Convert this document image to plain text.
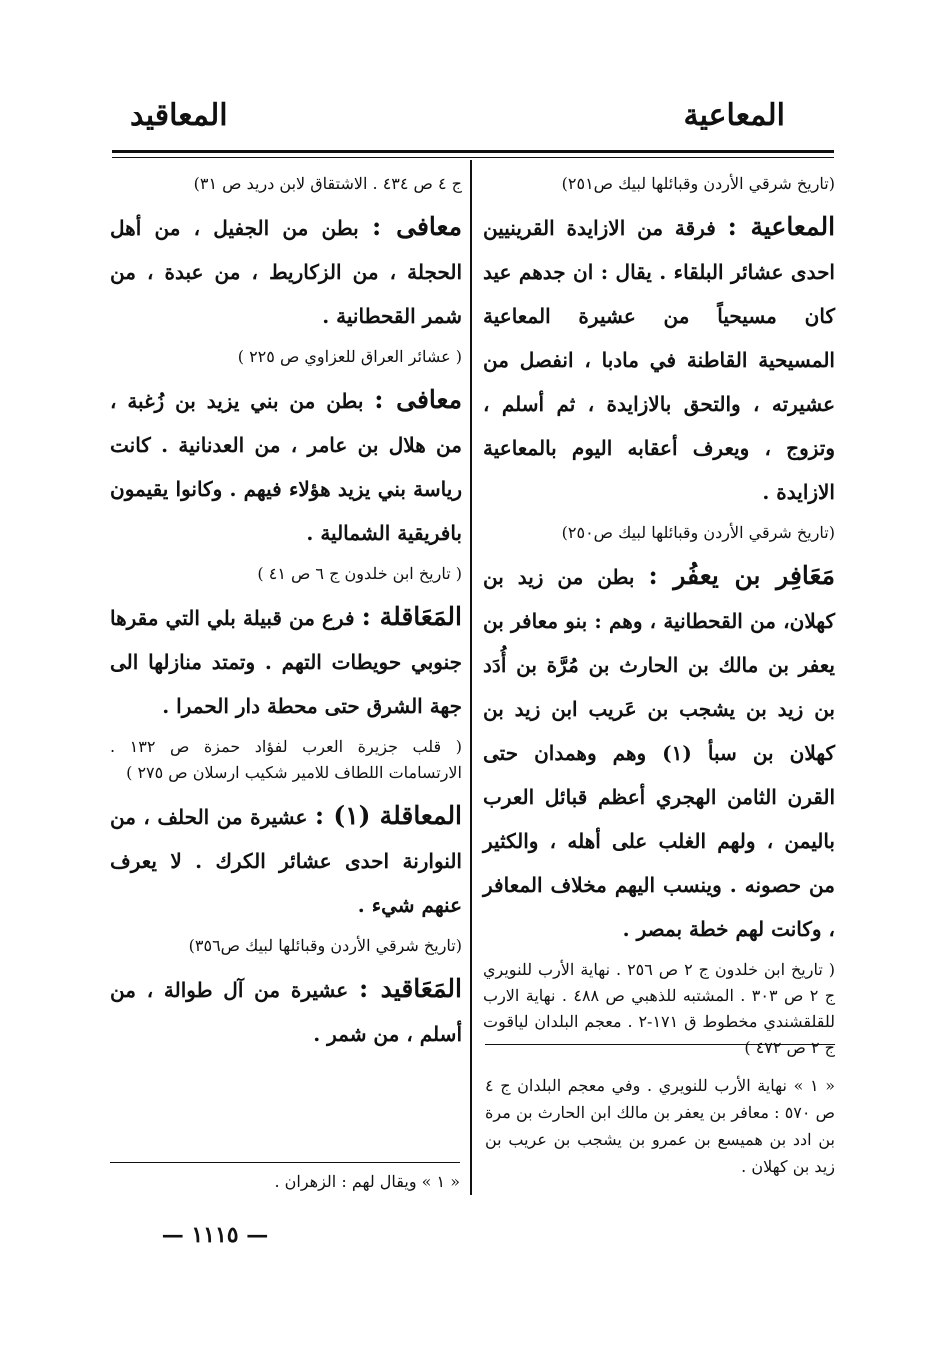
المعاعية
المعاقيد

(تاريخ شرقي الأردن وقبائلها لبيك ص٢٥١)

المعاعية : فرقة من الازايدة القرينيين احدى عشائر البلقاء . يقال : ان جدهم عيد كان مسيحياً من عشيرة المعاعية المسيحية القاطنة في مادبا ، انفصل من عشيرته ، والتحق بالازايدة ، ثم أسلم ، وتزوج ، ويعرف أعقابه اليوم بالمعاعية الازايدة .

(تاريخ شرقي الأردن وقبائلها لبيك ص٢٥٠)

مَعَافِر بن يعفُر : بطن من زيد بن كهلان، من القحطانية ، وهم : بنو معافر بن يعفر بن مالك بن الحارث بن مُرَّة بن أُدَد بن زيد بن يشجب بن عَريب ابن زيد بن كهلان بن سبأ (١) وهم وهمدان حتى القرن الثامن الهجري أعظم قبائل العرب باليمن ، ولهم الغلب على أهله ، والكثير من حصونه . وينسب اليهم مخلاف المعافر ، وكانت لهم خطة بمصر .

( تاريخ ابن خلدون ج ٢ ص ٢٥٦ . نهاية الأرب للنويري ج ٢ ص ٣٠٣ . المشتبه للذهبي ص ٤٨٨ . نهاية الارب للقلقشندي مخطوط ق ١٧١-٢ . معجم البلدان لياقوت ج ٢ ص ٤٧٢ )

ج ٤ ص ٤٣٤ . الاشتقاق لابن دريد ص ٣١)

معافى : بطن من الجفيل ، من أهل الحجلة ، من الزكاريط ، من عبدة ، من شمر القحطانية .

( عشائر العراق للعزاوي ص ٢٢٥ )

معافى : بطن من بني يزيد بن زُغبة ، من هلال بن عامر ، من العدنانية . كانت رياسة بني يزيد هؤلاء فيهم . وكانوا يقيمون بافريقية الشمالية .

( تاريخ ابن خلدون ج ٦ ص ٤١ )

المَعَاقلة : فرع من قبيلة بلي التي مقرها جنوبي حويطات التهم . وتمتد منازلها الى جهة الشرق حتى محطة دار الحمرا .

( قلب جزيرة العرب لفؤاد حمزة ص ١٣٢ . الارتسامات اللطاف للامير شكيب ارسلان ص ٢٧٥ )

المعاقلة (١) : عشيرة من الحلف ، من النوارنة احدى عشائر الكرك . لا يعرف عنهم شيء .

(تاريخ شرقي الأردن وقبائلها لبيك ص٣٥٦)

المَعَاقيد : عشيرة من آل طوالة ، من أسلم ، من شمر .

« ١ » نهاية الأرب للنويري . وفي معجم البلدان ج ٤ ص ٥٧٠ : معافر بن يعفر بن مالك ابن الحارث بن مرة بن ادد بن هميسع بن عمرو بن يشجب بن عريب بن زيد بن كهلان .
« ١ » ويقال لهم : الزهران .
— ١١١٥ —
